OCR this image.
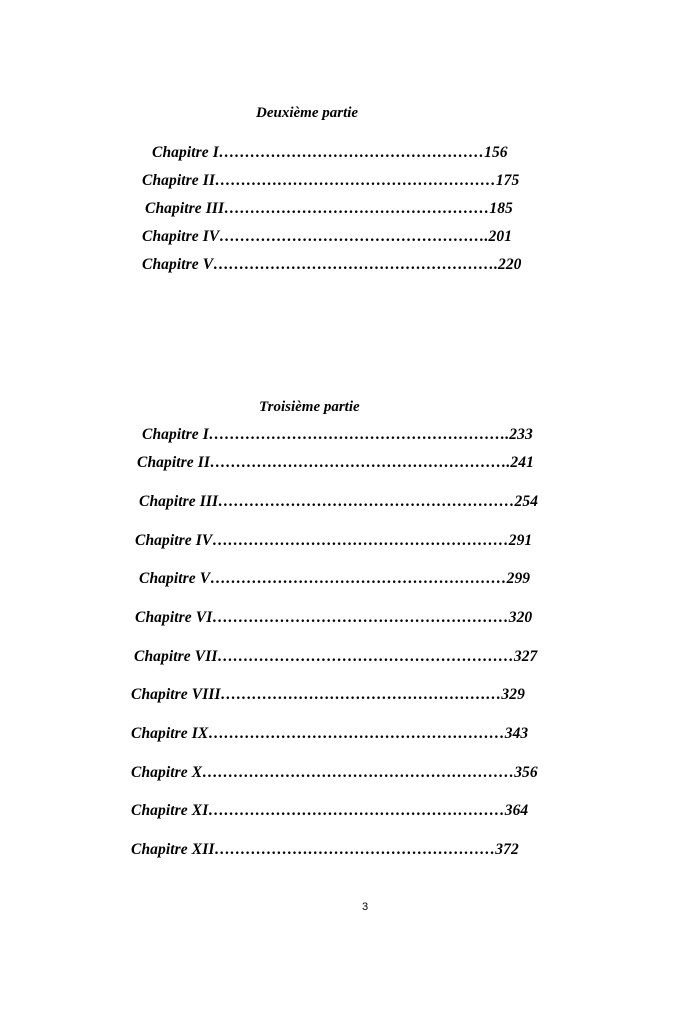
Deuxième partie
Chapitre I……………………………………………156
Chapitre II………………………………………………175
Chapitre III……………………………………………185
Chapitre IV…………………………………………….201
Chapitre V……………………………………………….220
Troisième partie
Chapitre I………………………………………………….233
Chapitre II………………………………………………….241
Chapitre III…………………………………………………254
Chapitre IV…………………………………………………291
Chapitre V…………………………………………………299
Chapitre VI…………………………………………………320
Chapitre VII…………………………………………………327
Chapitre VIII………………………………………………329
Chapitre IX…………………………………………………343
Chapitre X……………………………………………………356
Chapitre XI…………………………………………………364
Chapitre XII………………………………………………372
3
